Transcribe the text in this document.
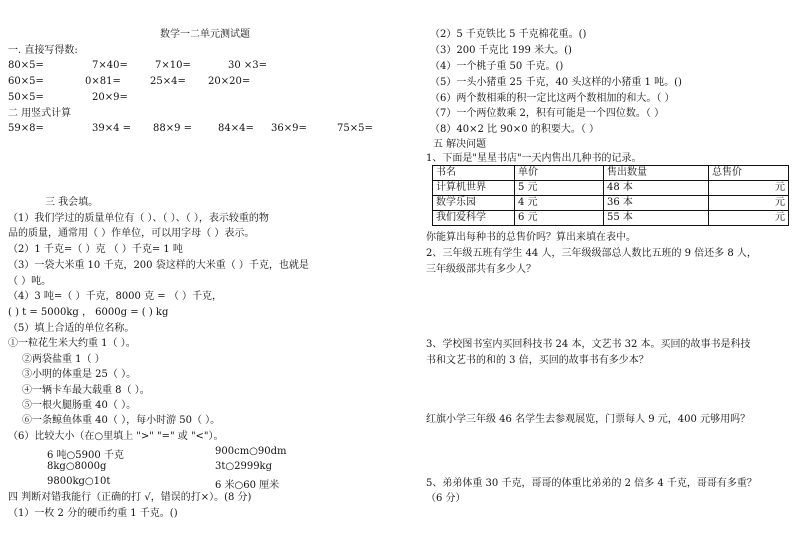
数学一二单元测试题
一. 直接写得数:
80×5=	7×40=	7×10=	30 ×3=
60×5=	0×81=	25×4= 20×20=
50×5=	20×9=
二 用竖式计算
59×8=	39×4 = 88×9 =	84×4= 36×9=	75×5=
三 我会填。
（1）我们学过的质量单位有（ ）、（ ）、（ ），表示较重的物
品的质量，通常用（ ）作单位，可以用字母（ ）表示。
（2）1 千克=（ ）克 （ ）千克= 1 吨
（3）一袋大米重 10 千克，200 袋这样的大米重（ ）千克，也就是
（ ）吨。
（4）3 吨=（ ）千克，8000 克 = （ ）千克，
( ) t = 5000kg ， 6000g = ( ) kg
（5）填上合适的单位名称。
①一粒花生米大约重 1（ ）。
②两袋盐重 1（ ）
③小明的体重是 25（ ）。
④一辆卡车最大载重 8（ ）。
⑤一根火腿肠重 40（ ）。
⑥一条鲸鱼体重 40（ ），每小时游 50（ ）。
（6）比较大小（在○里填上 ">" "=" 或 "<"）。
6 吨○5900 千克	900cm○90dm
8kg○8000g	3t○2999kg
9800kg○10t	6 米○60 厘米
四 判断对错我能行（正确的打 √，错误的打×）。(8 分)
（1）一枚 2 分的硬币约重 1 千克。()
（2）5 千克铁比 5 千克棉花重。()
（3）200 千克比 199 米大。()
（4）一个桃子重 50 千克。()
（5）一头小猪重 25 千克，40 头这样的小猪重 1 吨。()
（6）两个数相乘的积一定比这两个数相加的和大。（ ）
（7）一个两位数乘 2，积有可能是一个四位数。（ ）
（8）40×2 比 90×0 的积要大。（ ）
五 解决问题
1、下面是"星星书店"一天内售出几种书的记录。
书名	单价	售出数量	总售价
计算机世界	5 元	48 本	元
数学乐园	4 元	36 本	元
我们爱科学	6 元	55 本	元
你能算出每种书的总售价吗？算出来填在表中。
2、三年级五班有学生 44 人，三年级级部总人数比五班的 9 倍还多 8 人，
三年级级部共有多少人？
3、学校图书室内买回科技书 24 本，文艺书 32 本。买回的故事书是科技
书和文艺书的和的 3 倍，买回的故事书有多少本？
红旗小学三年级 46 名学生去参观展览，门票每人 9 元，400 元够用吗？
5、弟弟体重 30 千克，哥哥的体重比弟弟的 2 倍多 4 千克，哥哥有多重？
（6 分）
